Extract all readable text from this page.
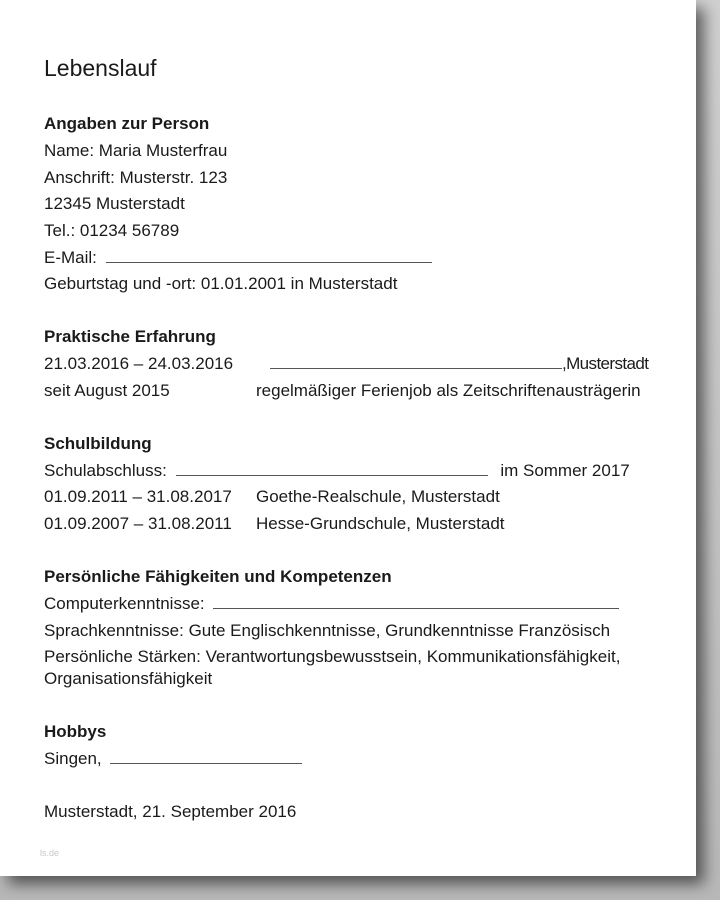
Lebenslauf
Angaben zur Person
Name: Maria Musterfrau
Anschrift: Musterstr. 123
12345 Musterstadt
Tel.: 01234 56789
E-Mail:
Geburtstag und -ort: 01.01.2001 in Musterstadt
Praktische Erfahrung
21.03.2016 – 24.03.2016	,Musterstadt
seit August 2015	regelmäßiger Ferienjob als Zeitschriftenausträgerin
Schulbildung
Schulabschluss:	im Sommer 2017
01.09.2011 – 31.08.2017 Goethe-Realschule, Musterstadt
01.09.2007 – 31.08.2011 Hesse-Grundschule, Musterstadt
Persönliche Fähigkeiten und Kompetenzen
Computerkenntnisse:
Sprachkenntnisse: Gute Englischkenntnisse, Grundkenntnisse Französisch
Persönliche Stärken: Verantwortungsbewusstsein, Kommunikationsfähigkeit,
Organisationsfähigkeit
Hobbys
Singen,
Musterstadt, 21. September 2016
ls.de
